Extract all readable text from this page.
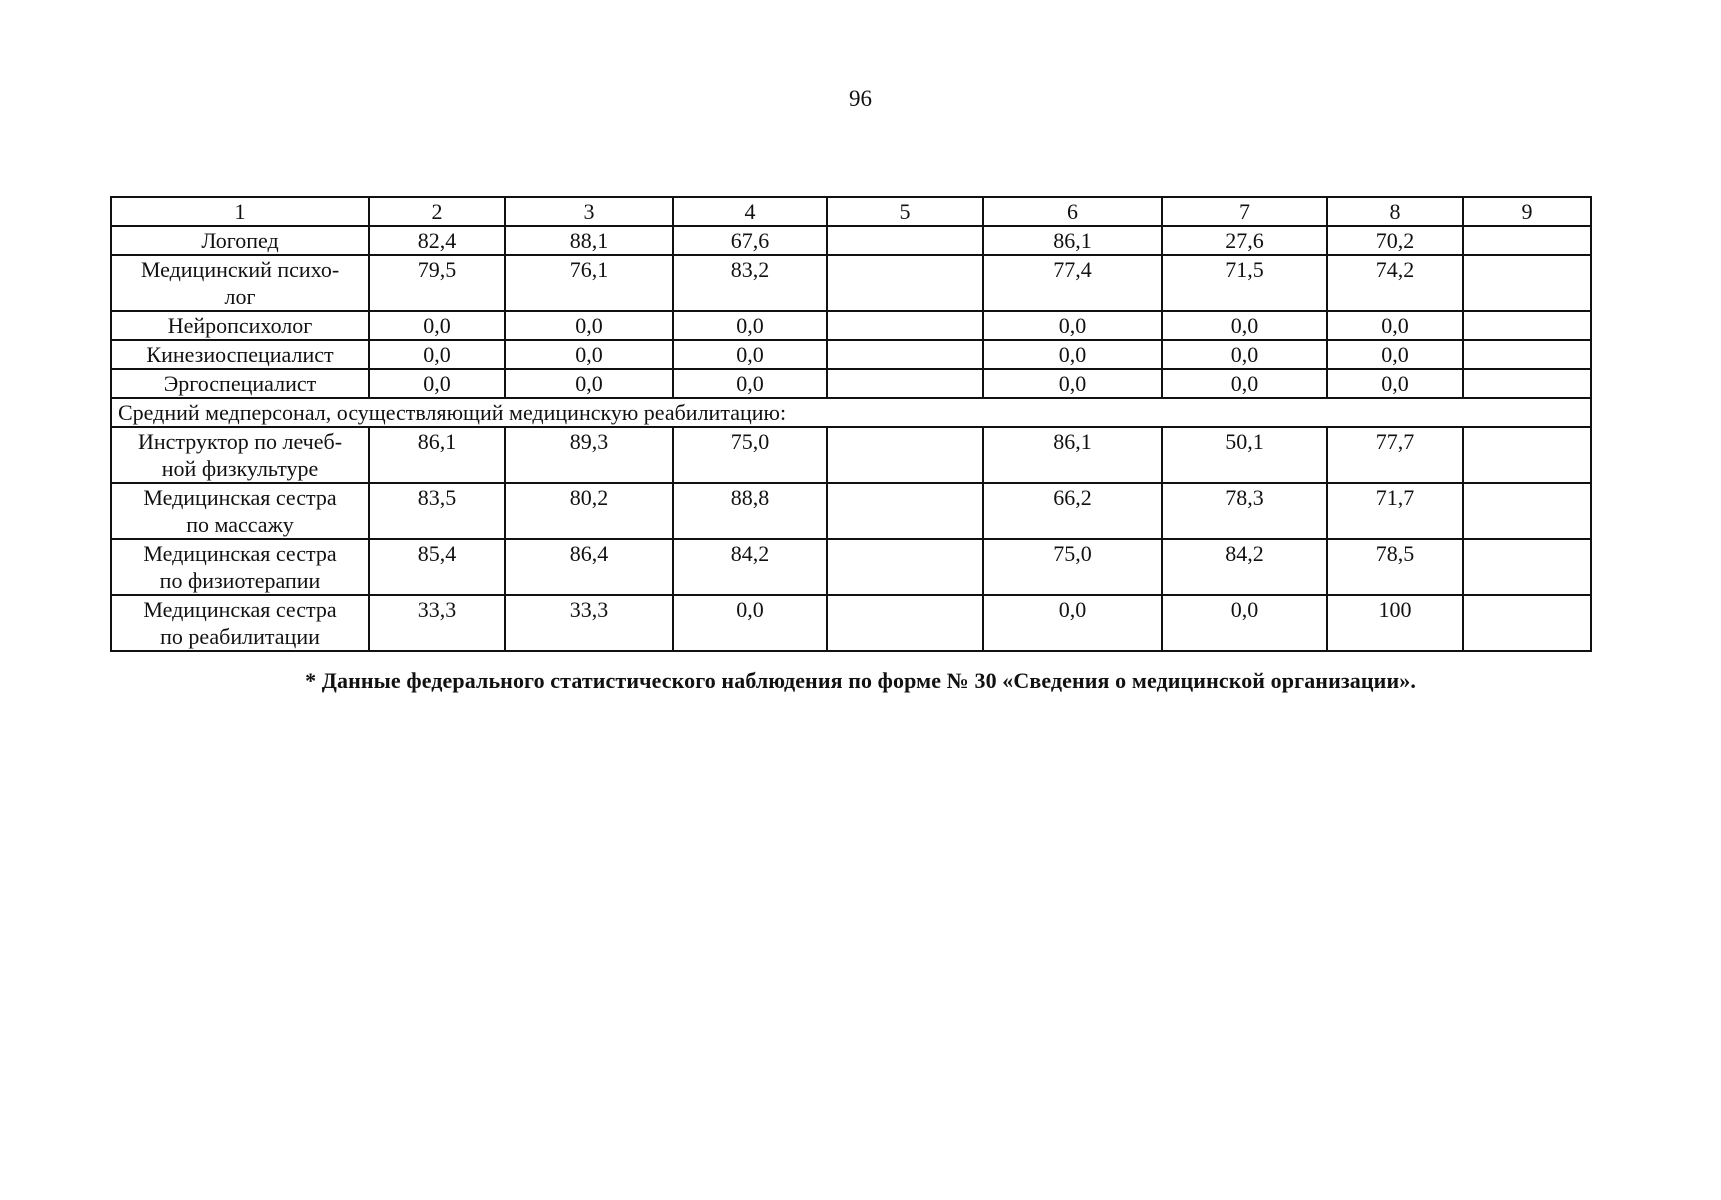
96
1	2	3	4	5	6	7	8	9
Логопед	82,4	88,1	67,6		86,1	27,6	70,2	
Медицинский психо-
лог	79,5	76,1	83,2		77,4	71,5	74,2	
Нейропсихолог	0,0	0,0	0,0		0,0	0,0	0,0	
Кинезиоспециалист	0,0	0,0	0,0		0,0	0,0	0,0	
Эргоспециалист	0,0	0,0	0,0		0,0	0,0	0,0	
Средний медперсонал, осуществляющий медицинскую реабилитацию:								
Инструктор по лечеб-
ной физкультуре	86,1	89,3	75,0		86,1	50,1	77,7	
Медицинская сестра
по массажу	83,5	80,2	88,8		66,2	78,3	71,7	
Медицинская сестра
по физиотерапии	85,4	86,4	84,2		75,0	84,2	78,5	
Медицинская сестра
по реабилитации	33,3	33,3	0,0		0,0	0,0	100	
* Данные федерального статистического наблюдения по форме № 30 «Сведения о медицинской организации».
